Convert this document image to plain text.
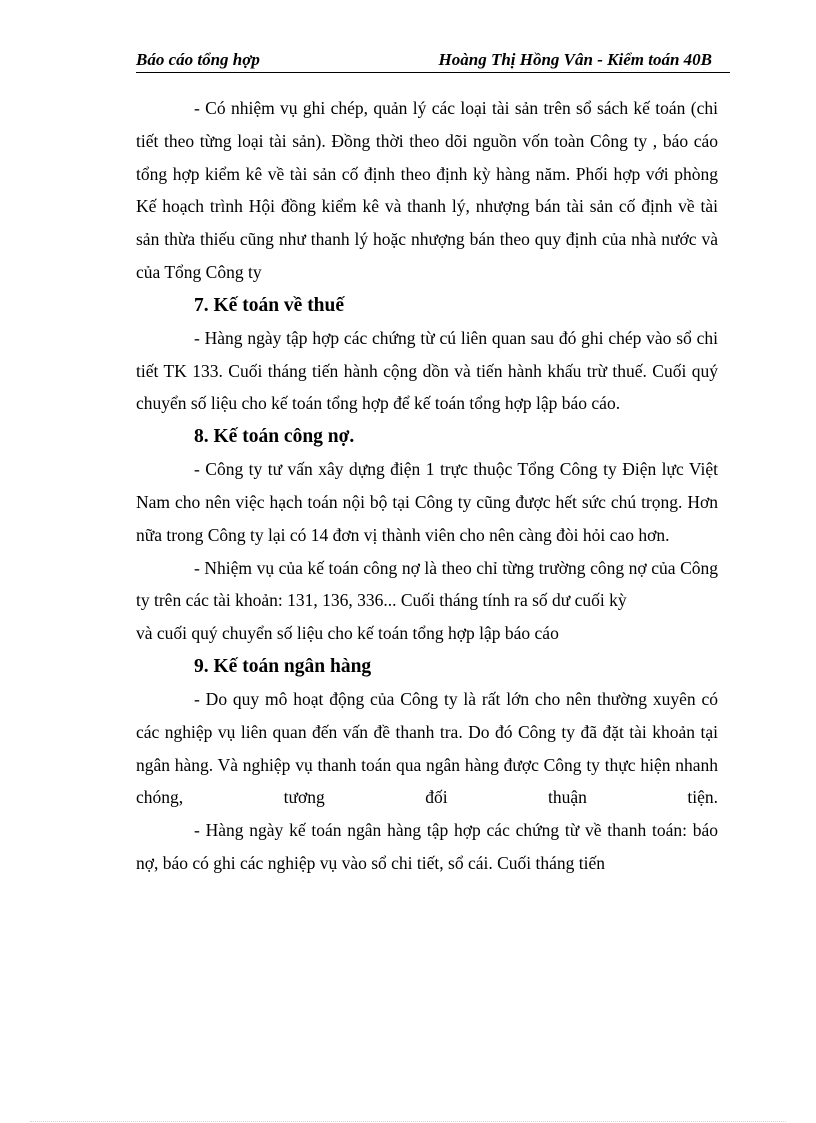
Báo cáo tổng hợp	Hoàng Thị Hồng Vân - Kiểm toán 40B

- Có nhiệm vụ ghi chép, quản lý các loại tài sản trên sổ sách kế toán (chi tiết theo từng loại tài sản). Đồng thời theo dõi nguồn vốn toàn Công ty , báo cáo tổng hợp kiểm kê về tài sản cố định theo định kỳ hàng năm. Phối hợp với phòng Kế hoạch trình Hội đồng kiểm kê và thanh lý, nhượng bán tài sản cố định về tài sản thừa thiếu cũng như thanh lý hoặc nhượng bán theo quy định của nhà nước và của Tổng Công ty

7. Kế toán về thuế

- Hàng ngày tập hợp các chứng từ cú liên quan sau đó ghi chép vào sổ chi tiết TK 133. Cuối tháng tiến hành cộng dồn và tiến hành khấu trừ thuế. Cuối quý chuyển số liệu cho kế toán tổng hợp để kế toán tổng hợp lập báo cáo.

8. Kế toán công nợ.

- Công ty tư vấn xây dựng điện 1 trực thuộc Tổng Công ty Điện lực Việt Nam cho nên việc hạch toán nội bộ tại Công ty cũng được hết sức chú trọng. Hơn nữa trong Công ty lại có 14 đơn vị thành viên cho nên càng đòi hỏi cao hơn.

- Nhiệm vụ của kế toán công nợ là theo chỉ từng trường công nợ của Công ty trên các tài khoản: 131, 136, 336... Cuối tháng tính ra số dư cuối kỳ

và cuối quý chuyển số liệu cho kế toán tổng hợp lập báo cáo

9. Kế toán ngân hàng

- Do quy mô hoạt động của Công ty là rất lớn cho nên thường xuyên có các nghiệp vụ liên quan đến vấn đề thanh tra. Do đó Công ty đã đặt tài khoản tại ngân hàng. Và nghiệp vụ thanh toán qua ngân hàng được Công ty thực hiện nhanh chóng, tương đối thuận tiện.

- Hàng ngày kế toán ngân hàng tập hợp các chứng từ về thanh toán: báo nợ, báo có ghi các nghiệp vụ vào sổ chi tiết, sổ cái. Cuối tháng tiến
